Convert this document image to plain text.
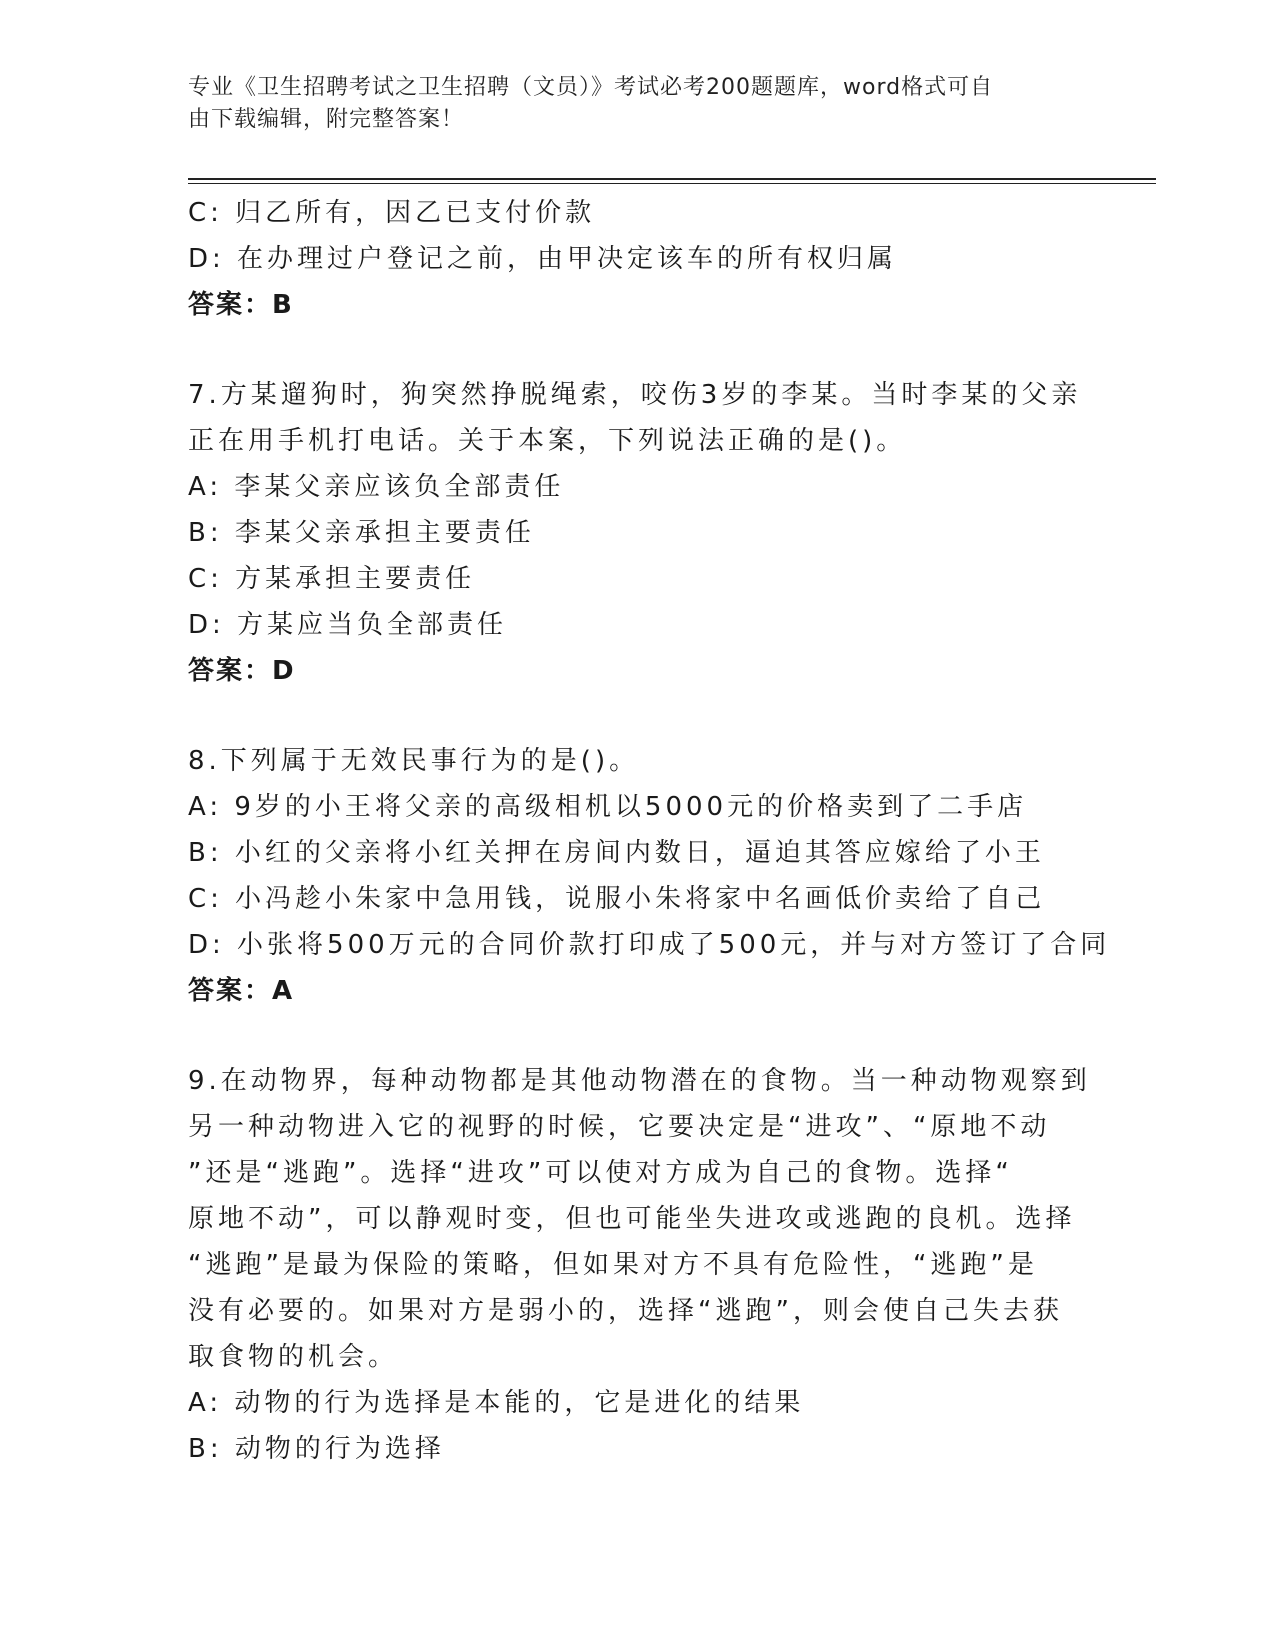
专业《卫生招聘考试之卫生招聘（文员）》考试必考200题题库，word格式可自
由下载编辑，附完整答案！
C: 归乙所有，因乙已支付价款
D: 在办理过户登记之前，由甲决定该车的所有权归属
答案：B
7.方某遛狗时，狗突然挣脱绳索，咬伤3岁的李某。当时李某的父亲
正在用手机打电话。关于本案，下列说法正确的是()。
A: 李某父亲应该负全部责任
B: 李某父亲承担主要责任
C: 方某承担主要责任
D: 方某应当负全部责任
答案：D
8.下列属于无效民事行为的是()。
A: 9岁的小王将父亲的高级相机以5000元的价格卖到了二手店
B: 小红的父亲将小红关押在房间内数日，逼迫其答应嫁给了小王
C: 小冯趁小朱家中急用钱，说服小朱将家中名画低价卖给了自己
D: 小张将500万元的合同价款打印成了500元，并与对方签订了合同
答案：A
9.在动物界，每种动物都是其他动物潜在的食物。当一种动物观察到
另一种动物进入它的视野的时候，它要决定是“进攻”、“原地不动
”还是“逃跑”。选择“进攻”可以使对方成为自己的食物。选择“
原地不动”，可以静观时变，但也可能坐失进攻或逃跑的良机。选择
“逃跑”是最为保险的策略，但如果对方不具有危险性，“逃跑”是
没有必要的。如果对方是弱小的，选择“逃跑”，则会使自己失去获
取食物的机会。
A: 动物的行为选择是本能的，它是进化的结果
B: 动物的行为选择
